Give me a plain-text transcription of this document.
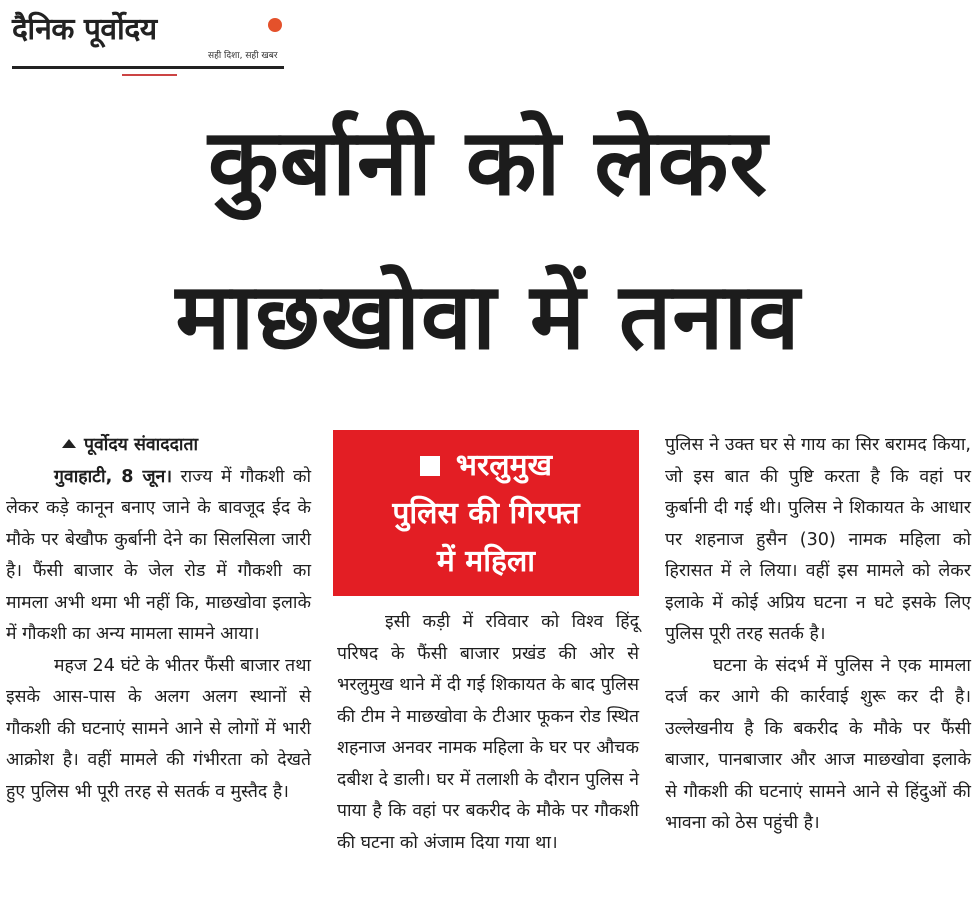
दैनिक पूर्वोदय
सही दिशा, सही खबर
कुर्बानी को लेकर
माछखोवा में तनाव

पूर्वोदय संवाददाता

गुवाहाटी, 8 जून। राज्य में गौकशी को लेकर कड़े कानून बनाए जाने के बावजूद ईद के मौके पर बेखौफ कुर्बानी देने का सिलसिला जारी है। फैंसी बाजार के जेल रोड में गौकशी का मामला अभी थमा भी नहीं कि, माछखोवा इलाके में गौकशी का अन्य मामला सामने आया।

महज 24 घंटे के भीतर फैंसी बाजार तथा इसके आस-पास के अलग अलग स्थानों से गौकशी की घटनाएं सामने आने से लोगों में भारी आक्रोश है। वहीं मामले की गंभीरता को देखते हुए पुलिस भी पूरी तरह से सतर्क व मुस्तैद है।

भरलुमुख
पुलिस की गिरफ्त
में महिला

इसी कड़ी में रविवार को विश्व हिंदू परिषद के फैंसी बाजार प्रखंड की ओर से भरलुमुख थाने में दी गई शिकायत के बाद पुलिस की टीम ने माछखोवा के टीआर फूकन रोड स्थित शहनाज अनवर नामक महिला के घर पर औचक दबीश दे डाली। घर में तलाशी के दौरान पुलिस ने पाया है कि वहां पर बकरीद के मौके पर गौकशी की घटना को अंजाम दिया गया था।

पुलिस ने उक्त घर से गाय का सिर बरामद किया, जो इस बात की पुष्टि करता है कि वहां पर कुर्बानी दी गई थी। पुलिस ने शिकायत के आधार पर शहनाज हुसैन (30) नामक महिला को हिरासत में ले लिया। वहीं इस मामले को लेकर इलाके में कोई अप्रिय घटना न घटे इसके लिए पुलिस पूरी तरह सतर्क है।

घटना के संदर्भ में पुलिस ने एक मामला दर्ज कर आगे की कार्रवाई शुरू कर दी है। उल्लेखनीय है कि बकरीद के मौके पर फैंसी बाजार, पानबाजार और आज माछखोवा इलाके से गौकशी की घटनाएं सामने आने से हिंदुओं की भावना को ठेस पहुंची है।
